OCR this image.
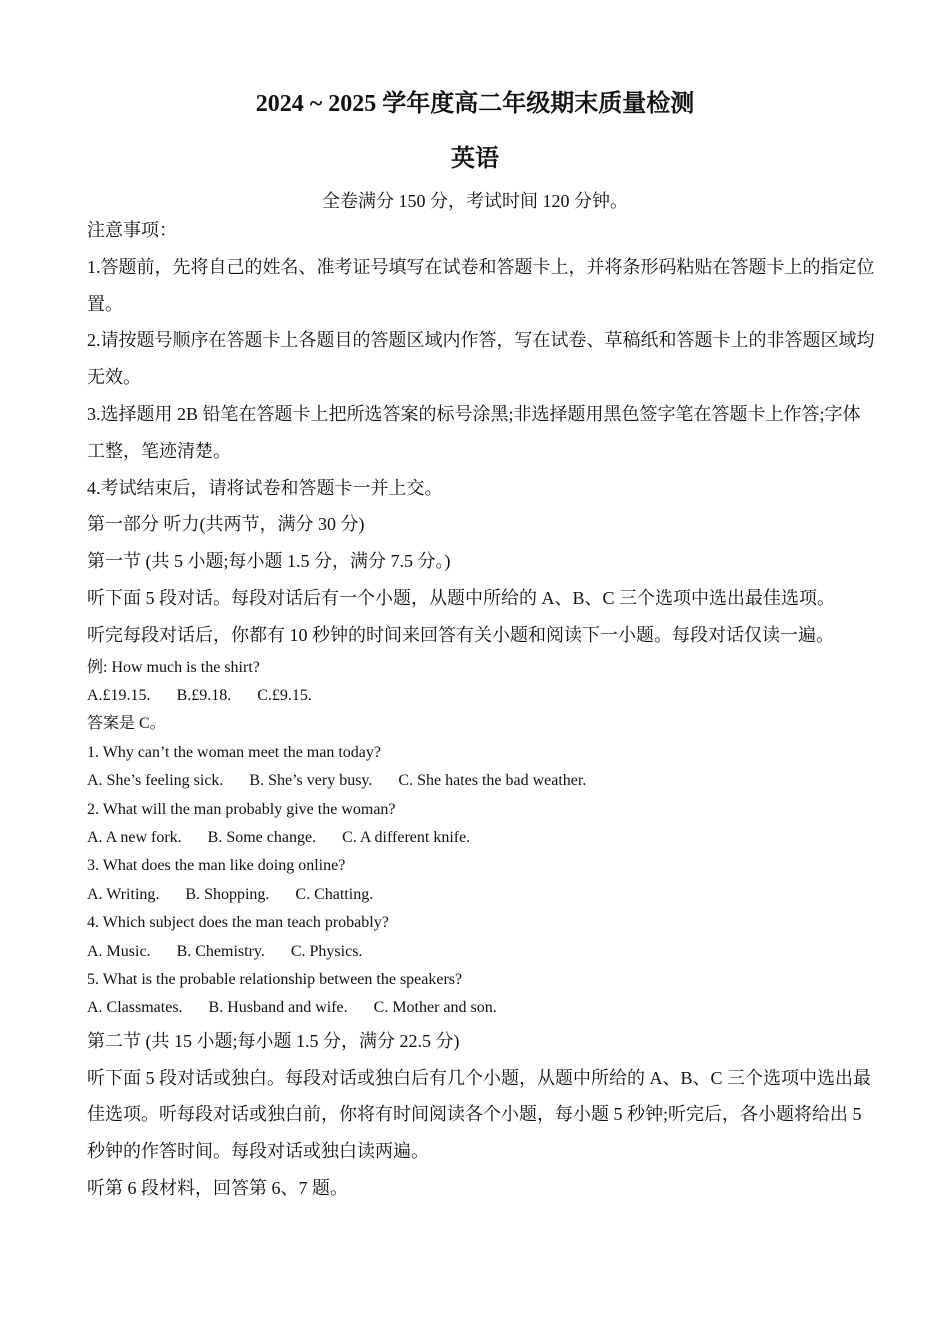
2024 ~ 2025 学年度高二年级期末质量检测
英语
全卷满分 150 分，考试时间 120 分钟。
注意事项：
1.答题前，先将自己的姓名、准考证号填写在试卷和答题卡上，并将条形码粘贴在答题卡上的指定位置。
2.请按题号顺序在答题卡上各题目的答题区域内作答，写在试卷、草稿纸和答题卡上的非答题区域均无效。
3.选择题用 2B 铅笔在答题卡上把所选答案的标号涂黑;非选择题用黑色签字笔在答题卡上作答;字体工整，笔迹清楚。
4.考试结束后，请将试卷和答题卡一并上交。
第一部分 听力(共两节，满分 30 分)
第一节 (共 5 小题;每小题 1.5 分，满分 7.5 分。)
听下面 5 段对话。每段对话后有一个小题，从题中所给的 A、B、C 三个选项中选出最佳选项。
听完每段对话后，你都有 10 秒钟的时间来回答有关小题和阅读下一小题。每段对话仅读一遍。
例: How much is the shirt?
A.£19.15. B.£9.18. C.£9.15.
答案是 C。
1. Why can’t the woman meet the man today?
A. She’s feeling sick. B. She’s very busy. C. She hates the bad weather.
2. What will the man probably give the woman?
A. A new fork. B. Some change. C. A different knife.
3. What does the man like doing online?
A. Writing. B. Shopping. C. Chatting.
4. Which subject does the man teach probably?
A. Music. B. Chemistry. C. Physics.
5. What is the probable relationship between the speakers?
A. Classmates. B. Husband and wife. C. Mother and son.
第二节 (共 15 小题;每小题 1.5 分，满分 22.5 分)
听下面 5 段对话或独白。每段对话或独白后有几个小题，从题中所给的 A、B、C 三个选项中选出最佳选项。听每段对话或独白前，你将有时间阅读各个小题，每小题 5 秒钟;听完后，各小题将给出 5 秒钟的作答时间。每段对话或独白读两遍。
听第 6 段材料，回答第 6、7 题。
